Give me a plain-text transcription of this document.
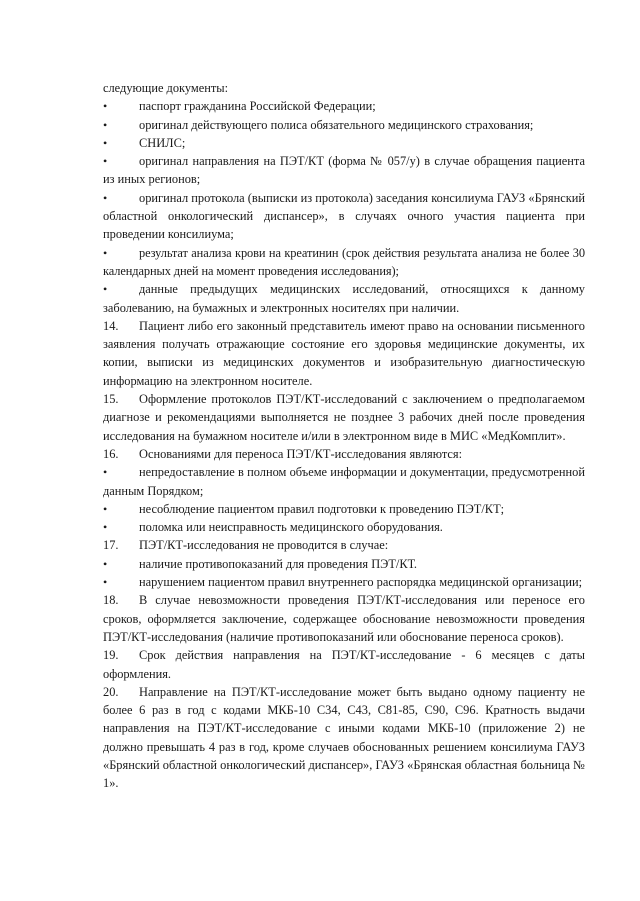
следующие документы:

•	паспорт гражданина Российской Федерации;

•	оригинал действующего полиса обязательного медицинского страхования;

•	СНИЛС;

•	оригинал направления на ПЭТ/КТ (форма № 057/у) в случае обращения пациента из иных регионов;

•	оригинал протокола (выписки из протокола) заседания консилиума ГАУЗ «Брянский областной онкологический диспансер», в случаях очного участия пациента при проведении консилиума;

•	результат анализа крови на креатинин (срок действия результата анализа не более 30 календарных дней на момент проведения исследования);

•	данные предыдущих медицинских исследований, относящихся к данному заболеванию, на бумажных и электронных носителях при наличии.

14. Пациент либо его законный представитель имеют право на основании письменного заявления получать отражающие состояние его здоровья медицинские документы, их копии, выписки из медицинских документов и изобразительную диагностическую информацию на электронном носителе.

15. Оформление протоколов ПЭТ/КТ-исследований с заключением о предполагаемом диагнозе и рекомендациями выполняется не позднее 3 рабочих дней после проведения исследования на бумажном носителе и/или в электронном виде в МИС «МедКомплит».

16. Основаниями для переноса ПЭТ/КТ-исследования являются:

•	непредоставление в полном объеме информации и документации, предусмотренной данным Порядком;

•	несоблюдение пациентом правил подготовки к проведению ПЭТ/КТ;

•	поломка или неисправность медицинского оборудования.

17. ПЭТ/КТ-исследования не проводится в случае:

•	наличие противопоказаний для проведения ПЭТ/КТ.

•	нарушением пациентом правил внутреннего распорядка медицинской организации;

18. В случае невозможности проведения ПЭТ/КТ-исследования или переносе его сроков, оформляется заключение, содержащее обоснование невозможности проведения ПЭТ/КТ-исследования (наличие противопоказаний или обоснование переноса сроков).

19. Срок действия направления на ПЭТ/КТ-исследование - 6 месяцев с даты оформления.

20. Направление на ПЭТ/КТ-исследование может быть выдано одному пациенту не более 6 раз в год с кодами МКБ-10 С34, С43, С81-85, С90, С96. Кратность выдачи направления на ПЭТ/КТ-исследование с иными кодами МКБ-10 (приложение 2) не должно превышать 4 раз в год, кроме случаев обоснованных решением консилиума ГАУЗ «Брянский областной онкологический диспансер», ГАУЗ «Брянская областная больница № 1».
